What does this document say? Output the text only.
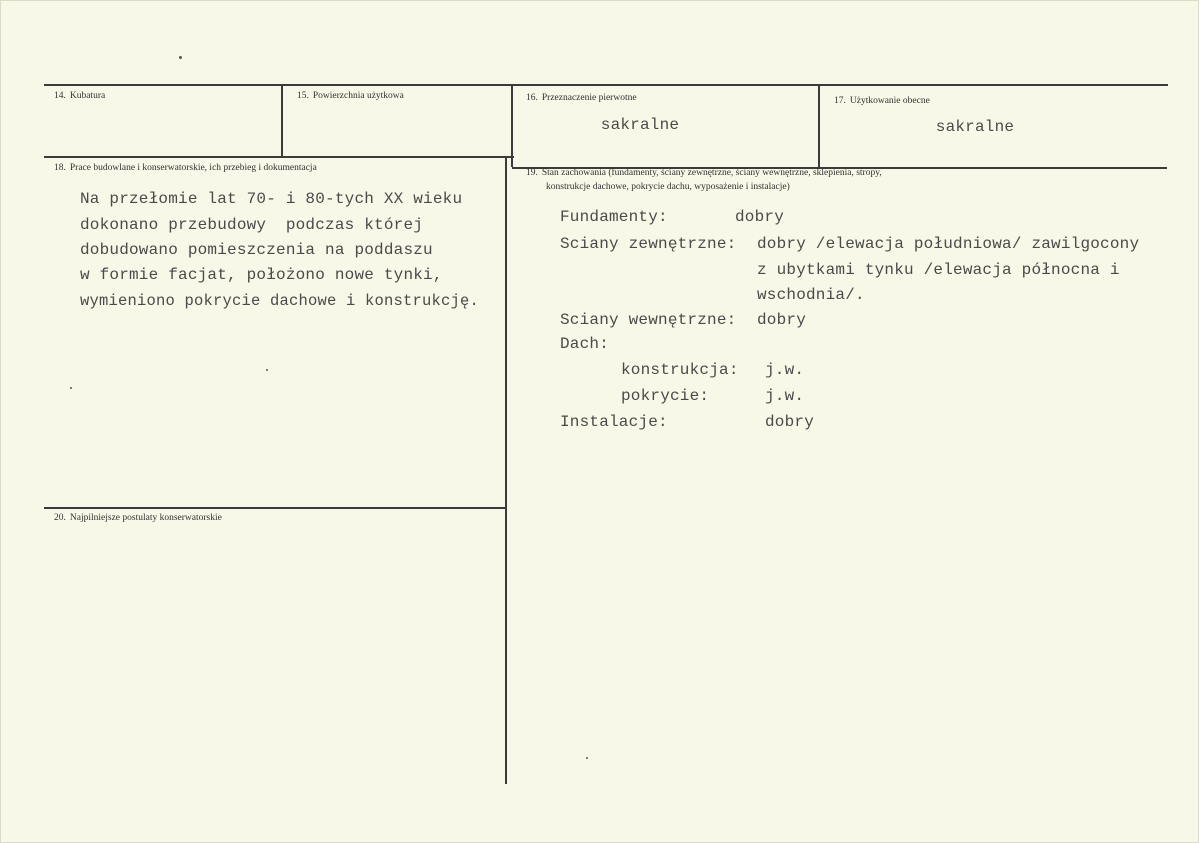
14. Kubatura	15. Powierzchnia użytkowa	16. Przeznaczenie pierwotne
sakralne
17. Użytkowanie obecne
sakralne
18. Prace budowlane i konserwatorskie, ich przebieg i dokumentacja
Na przełomie lat 70- i 80-tych XX wieku
dokonano przebudowy  podczas której
dobudowano pomieszczenia na poddaszu
w formie facjat, położono nowe tynki,
wymieniono pokrycie dachowe i konstrukcję.
19. Stan zachowania (fundamenty, ściany zewnętrzne, ściany wewnętrzne, sklepienia, stropy,
konstrukcje dachowe, pokrycie dachu, wyposażenie i instalacje)
Fundamenty:	dobry
Sciany zewnętrzne: dobry /elewacja południowa/ zawilgocony
z ubytkami tynku /elewacja północna i
wschodnia/.
Sciany wewnętrzne: dobry
Dach:
konstrukcja: j.w.
pokrycie:	j.w.
Instalacje:	dobry
20. Najpilniejsze postulaty konserwatorskie
